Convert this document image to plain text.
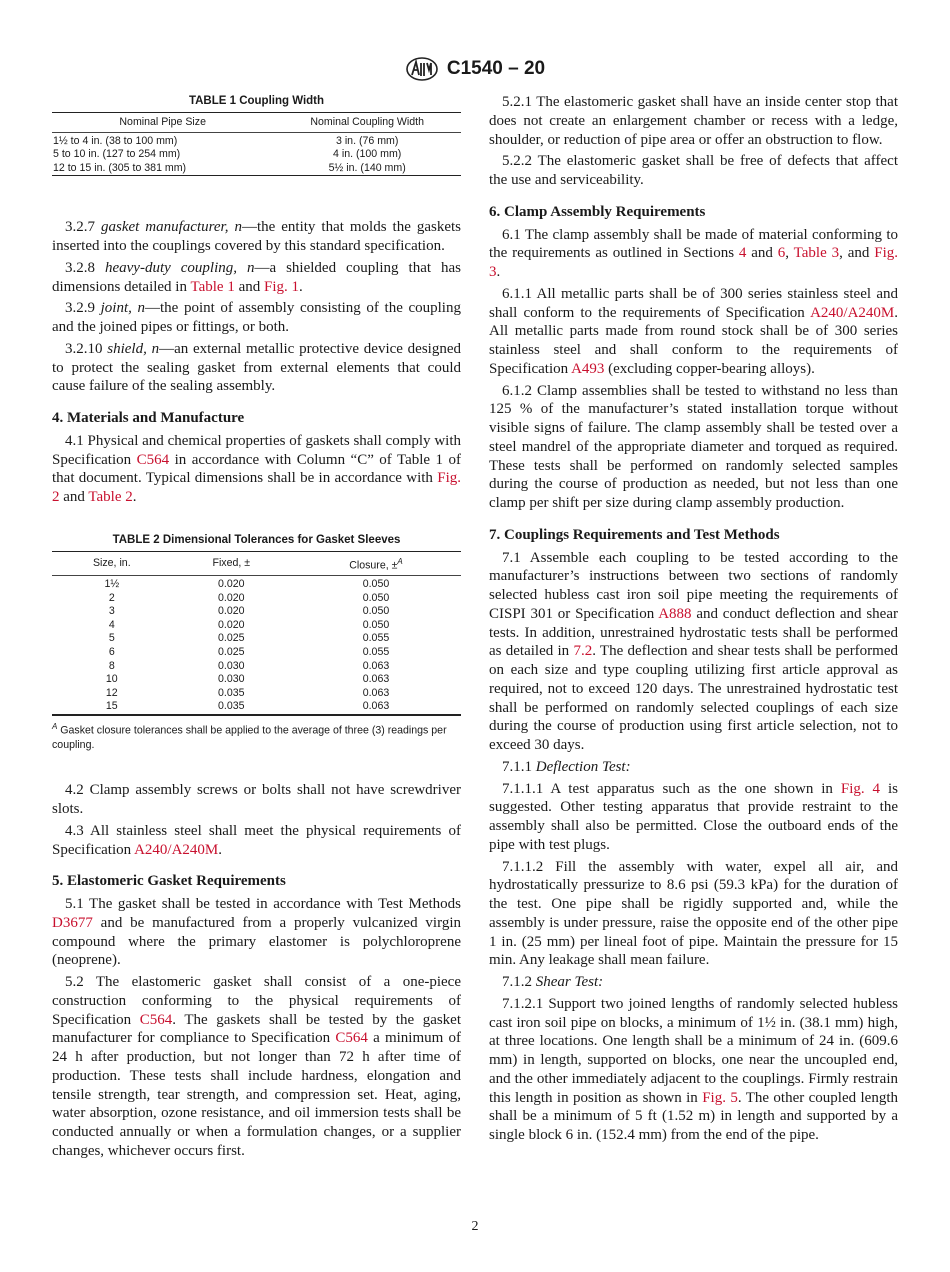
C1540 – 20
TABLE 1 Coupling Width
Nominal Pipe Size	Nominal Coupling Width
1½ to 4 in. (38 to 100 mm)	3 in. (76 mm)
5 to 10 in. (127 to 254 mm)	4 in. (100 mm)
12 to 15 in. (305 to 381 mm)	5½ in. (140 mm)
3.2.7 gasket manufacturer, n—the entity that molds the gaskets inserted into the couplings covered by this standard specification.
3.2.8 heavy-duty coupling, n—a shielded coupling that has dimensions detailed in Table 1 and Fig. 1.
3.2.9 joint, n—the point of assembly consisting of the coupling and the joined pipes or fittings, or both.
3.2.10 shield, n—an external metallic protective device designed to protect the sealing gasket from external elements that could cause failure of the sealing assembly.
4. Materials and Manufacture
4.1 Physical and chemical properties of gaskets shall comply with Specification C564 in accordance with Column “C” of Table 1 of that document. Typical dimensions shall be in accordance with Fig. 2 and Table 2.
TABLE 2 Dimensional Tolerances for Gasket Sleeves
Size, in.	Fixed, ±	Closure, ±$^A$
1½	0.020	0.050
2	0.020	0.050
3	0.020	0.050
4	0.020	0.050
5	0.025	0.055
6	0.025	0.055
8	0.030	0.063
10	0.030	0.063
12	0.035	0.063
15	0.035	0.063
$^A$ Gasket closure tolerances shall be applied to the average of three (3) readings per coupling.
4.2 Clamp assembly screws or bolts shall not have screwdriver slots.
4.3 All stainless steel shall meet the physical requirements of Specification A240/A240M.
5. Elastomeric Gasket Requirements
5.1 The gasket shall be tested in accordance with Test Methods D3677 and be manufactured from a properly vulcanized virgin compound where the primary elastomer is polychloroprene (neoprene).
5.2 The elastomeric gasket shall consist of a one-piece construction conforming to the physical requirements of Specification C564. The gaskets shall be tested by the gasket manufacturer for compliance to Specification C564 a minimum of 24 h after production, but not longer than 72 h after time of production. These tests shall include hardness, elongation and tensile strength, tear strength, and compression set. Heat, aging, water absorption, ozone resistance, and oil immersion tests shall be conducted annually or when a formulation changes, or a supplier changes, whichever occurs first.
5.2.1 The elastomeric gasket shall have an inside center stop that does not create an enlargement chamber or recess with a ledge, shoulder, or reduction of pipe area or offer an obstruction to flow.
5.2.2 The elastomeric gasket shall be free of defects that affect the use and serviceability.
6. Clamp Assembly Requirements
6.1 The clamp assembly shall be made of material conforming to the requirements as outlined in Sections 4 and 6, Table 3, and Fig. 3.
6.1.1 All metallic parts shall be of 300 series stainless steel and shall conform to the requirements of Specification A240/A240M. All metallic parts made from round stock shall be of 300 series stainless steel and shall conform to the requirements of Specification A493 (excluding copper-bearing alloys).
6.1.2 Clamp assemblies shall be tested to withstand no less than 125 % of the manufacturer’s stated installation torque without visible signs of failure. The clamp assembly shall be tested over a steel mandrel of the appropriate diameter and torqued as required. These tests shall be performed on randomly selected samples during the course of production as needed, but not less than one clamp per shift per size during clamp assembly production.
7. Couplings Requirements and Test Methods
7.1 Assemble each coupling to be tested according to the manufacturer’s instructions between two sections of randomly selected hubless cast iron soil pipe meeting the requirements of CISPI 301 or Specification A888 and conduct deflection and shear tests. In addition, unrestrained hydrostatic tests shall be performed as detailed in 7.2. The deflection and shear tests shall be performed on each size and type coupling utilizing first article approval as required, not to exceed 120 days. The unrestrained hydrostatic test shall be performed on randomly selected couplings of each size during the course of production using first article selection, not to exceed 30 days.
7.1.1 Deflection Test:
7.1.1.1 A test apparatus such as the one shown in Fig. 4 is suggested. Other testing apparatus that provide restraint to the assembly shall also be permitted. Close the outboard ends of the pipe with test plugs.
7.1.1.2 Fill the assembly with water, expel all air, and hydrostatically pressurize to 8.6 psi (59.3 kPa) for the duration of the test. One pipe shall be rigidly supported and, while the assembly is under pressure, raise the opposite end of the other pipe 1 in. (25 mm) per lineal foot of pipe. Maintain the pressure for 15 min. Any leakage shall mean failure.
7.1.2 Shear Test:
7.1.2.1 Support two joined lengths of randomly selected hubless cast iron soil pipe on blocks, a minimum of 1½ in. (38.1 mm) high, at three locations. One length shall be a minimum of 24 in. (609.6 mm) in length, supported on blocks, one near the uncoupled end, and the other immediately adjacent to the couplings. Firmly restrain this length in position as shown in Fig. 5. The other coupled length shall be a minimum of 5 ft (1.52 m) in length and supported by a single block 6 in. (152.4 mm) from the end of the pipe.
2
